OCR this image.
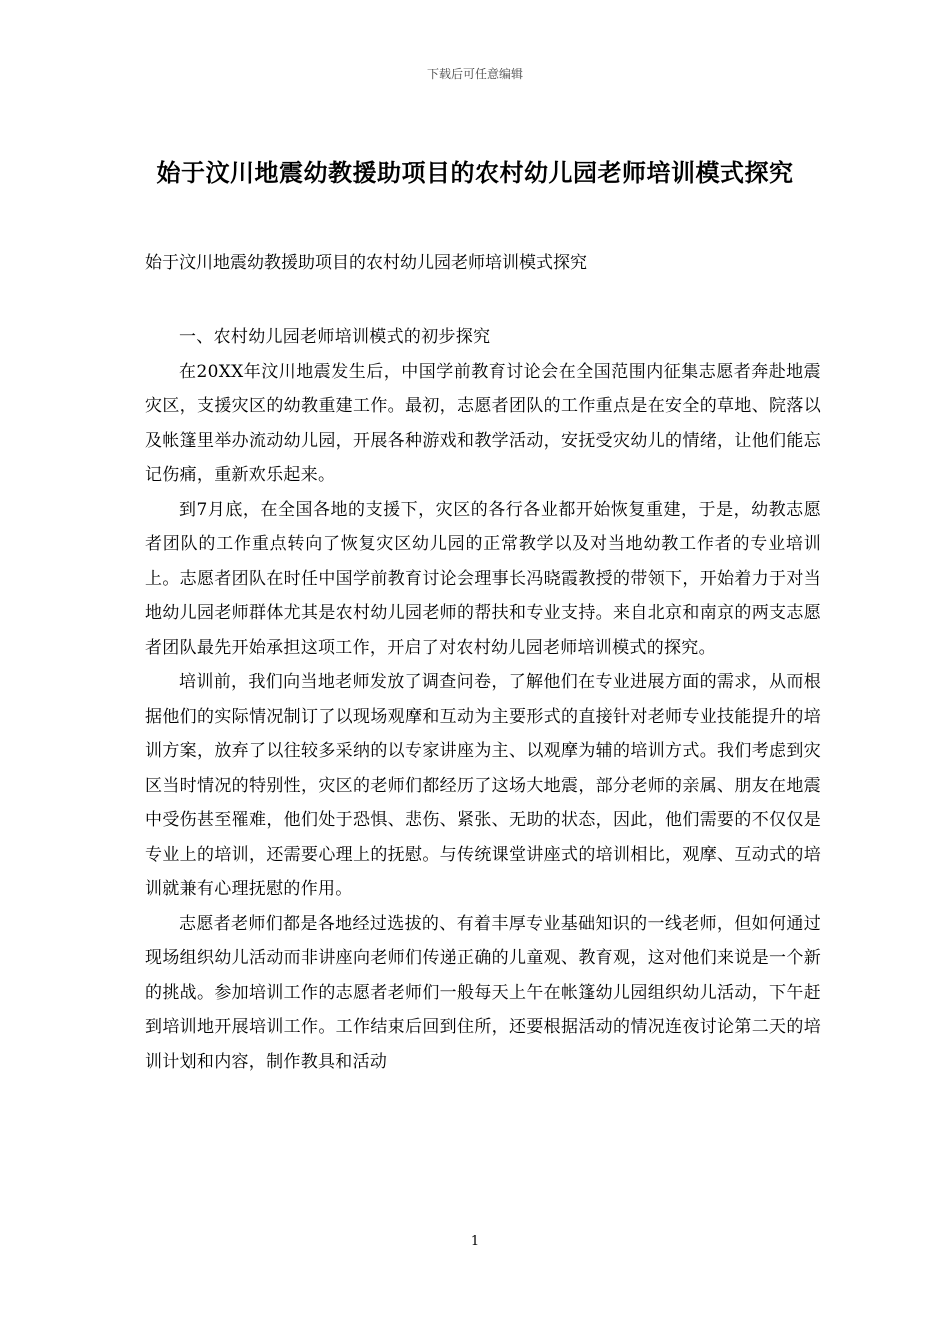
下载后可任意编辑
始于汶川地震幼教援助项目的农村幼儿园老师培训模式探究
始于汶川地震幼教援助项目的农村幼儿园老师培训模式探究

一、农村幼儿园老师培训模式的初步探究

在20XX年汶川地震发生后，中国学前教育讨论会在全国范围内征集志愿者奔赴地震灾区，支援灾区的幼教重建工作。最初，志愿者团队的工作重点是在安全的草地、院落以及帐篷里举办流动幼儿园，开展各种游戏和教学活动，安抚受灾幼儿的情绪，让他们能忘记伤痛，重新欢乐起来。

到7月底，在全国各地的支援下，灾区的各行各业都开始恢复重建，于是，幼教志愿者团队的工作重点转向了恢复灾区幼儿园的正常教学以及对当地幼教工作者的专业培训上。志愿者团队在时任中国学前教育讨论会理事长冯晓霞教授的带领下，开始着力于对当地幼儿园老师群体尤其是农村幼儿园老师的帮扶和专业支持。来自北京和南京的两支志愿者团队最先开始承担这项工作，开启了对农村幼儿园老师培训模式的探究。

培训前，我们向当地老师发放了调查问卷，了解他们在专业进展方面的需求，从而根据他们的实际情况制订了以现场观摩和互动为主要形式的直接针对老师专业技能提升的培训方案，放弃了以往较多采纳的以专家讲座为主、以观摩为辅的培训方式。我们考虑到灾区当时情况的特别性，灾区的老师们都经历了这场大地震，部分老师的亲属、朋友在地震中受伤甚至罹难，他们处于恐惧、悲伤、紧张、无助的状态，因此，他们需要的不仅仅是专业上的培训，还需要心理上的抚慰。与传统课堂讲座式的培训相比，观摩、互动式的培训就兼有心理抚慰的作用。

志愿者老师们都是各地经过选拔的、有着丰厚专业基础知识的一线老师，但如何通过现场组织幼儿活动而非讲座向老师们传递正确的儿童观、教育观，这对他们来说是一个新的挑战。参加培训工作的志愿者老师们一般每天上午在帐篷幼儿园组织幼儿活动，下午赶到培训地开展培训工作。工作结束后回到住所，还要根据活动的情况连夜讨论第二天的培训计划和内容，制作教具和活动

1
